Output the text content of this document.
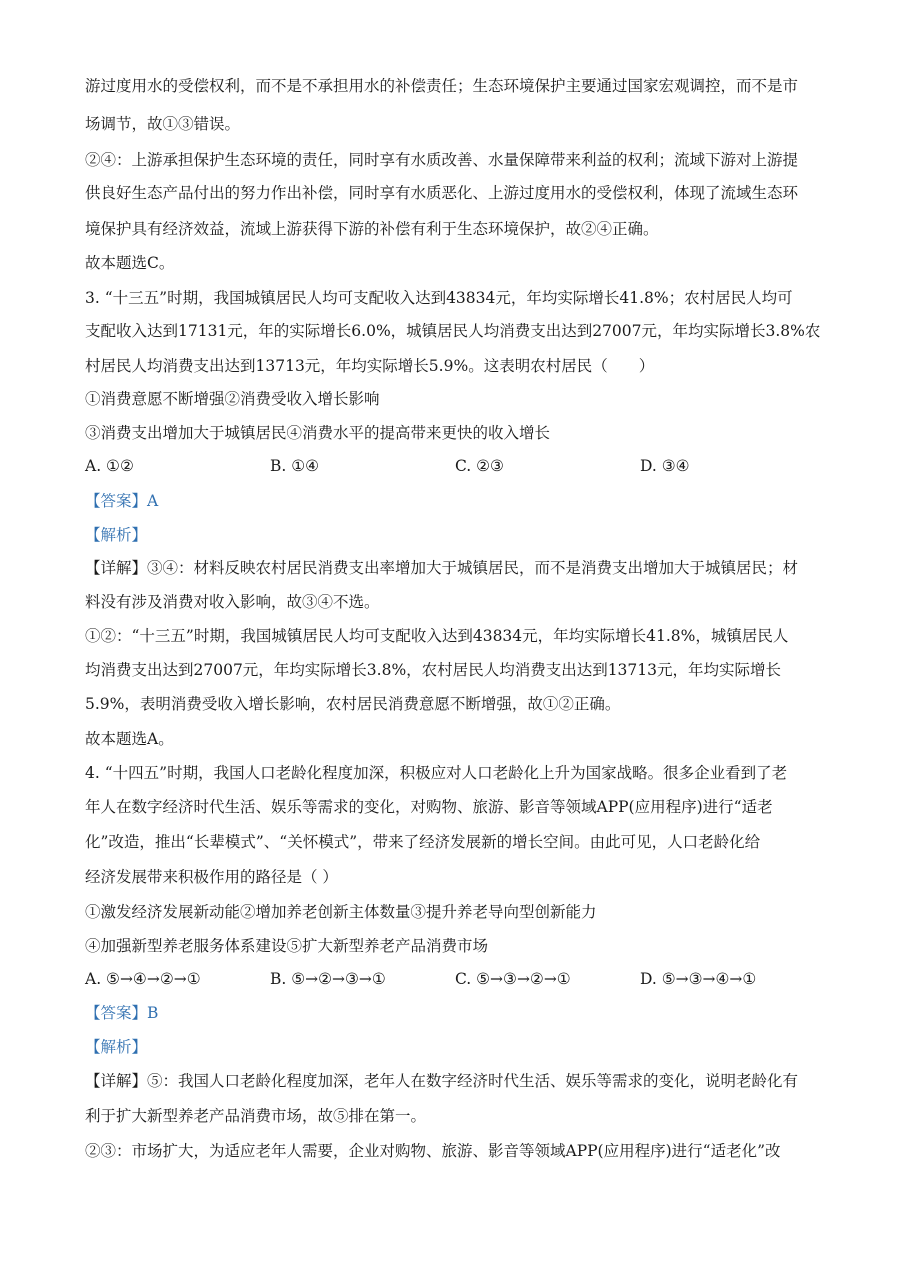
游过度用水的受偿权利，而不是不承担用水的补偿责任；生态环境保护主要通过国家宏观调控，而不是市
场调节，故①③错误。
②④：上游承担保护生态环境的责任，同时享有水质改善、水量保障带来利益的权利；流域下游对上游提
供良好生态产品付出的努力作出补偿，同时享有水质恶化、上游过度用水的受偿权利，体现了流域生态环
境保护具有经济效益，流域上游获得下游的补偿有利于生态环境保护，故②④正确。
故本题选C。
3. “十三五”时期，我国城镇居民人均可支配收入达到43834元，年均实际增长41.8%；农村居民人均可
支配收入达到17131元，年的实际增长6.0%，城镇居民人均消费支出达到27007元，年均实际增长3.8%农
村居民人均消费支出达到13713元，年均实际增长5.9%。这表明农村居民（　　）
①消费意愿不断增强②消费受收入增长影响
③消费支出增加大于城镇居民④消费水平的提高带来更快的收入增长
A. ①②	B. ①④	C. ②③	D. ③④
【答案】A
【解析】
【详解】③④：材料反映农村居民消费支出率增加大于城镇居民，而不是消费支出增加大于城镇居民；材
料没有涉及消费对收入影响，故③④不选。
①②：“十三五”时期，我国城镇居民人均可支配收入达到43834元，年均实际增长41.8%，城镇居民人
均消费支出达到27007元，年均实际增长3.8%，农村居民人均消费支出达到13713元，年均实际增长
5.9%，表明消费受收入增长影响，农村居民消费意愿不断增强，故①②正确。
故本题选A。
4. “十四五”时期，我国人口老龄化程度加深，积极应对人口老龄化上升为国家战略。很多企业看到了老
年人在数字经济时代生活、娱乐等需求的变化，对购物、旅游、影音等领域APP(应用程序)进行“适老
化”改造，推出“长辈模式”、“关怀模式”，带来了经济发展新的增长空间。由此可见，人口老龄化给
经济发展带来积极作用的路径是（ ）
①激发经济发展新动能②增加养老创新主体数量③提升养老导向型创新能力
④加强新型养老服务体系建设⑤扩大新型养老产品消费市场
A. ⑤→④→②→①	B. ⑤→②→③→①	C. ⑤→③→②→①	D. ⑤→③→④→①
【答案】B
【解析】
【详解】⑤：我国人口老龄化程度加深，老年人在数字经济时代生活、娱乐等需求的变化，说明老龄化有
利于扩大新型养老产品消费市场，故⑤排在第一。
②③：市场扩大，为适应老年人需要，企业对购物、旅游、影音等领域APP(应用程序)进行“适老化”改
